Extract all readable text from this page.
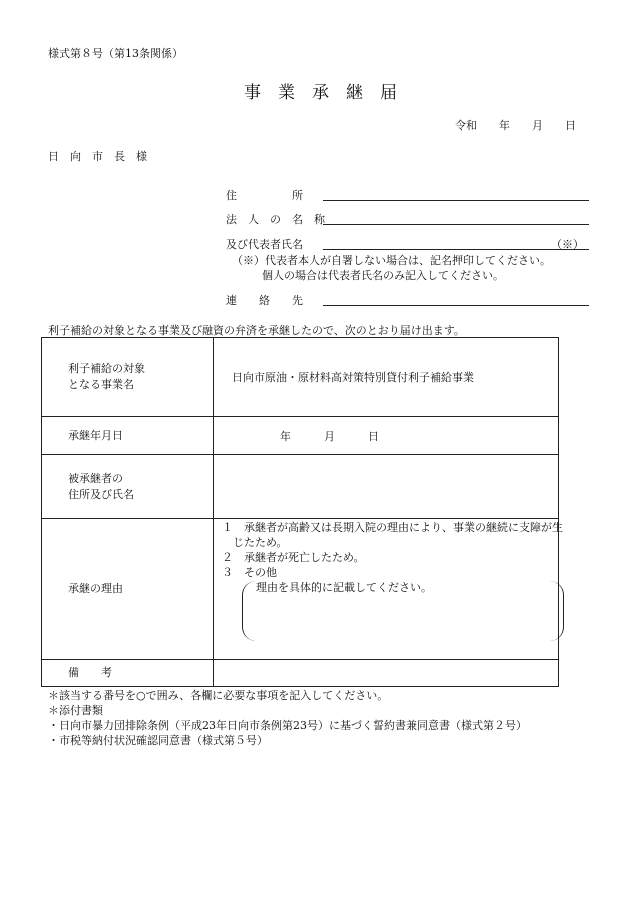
様式第８号（第13条関係）
事　業　承　継　届
令和　　年　　月　　日
日　向　市　長　様
住　　　　　所
法　人　の　名　称
及び代表者氏名	（※）
（※）代表者本人が自署しない場合は、記名押印してください。
個人の場合は代表者氏名のみ記入してください。
連　　絡　　先
利子補給の対象となる事業及び融資の弁済を承継したので、次のとおり届け出ます。
利子補給の対象
となる事業名	日向市原油・原材料高対策特別貸付利子補給事業
承継年月日	年　　　月　　　日

被承継者の
住所及び氏名	

承継の理由	１　承継者が高齢又は長期入院の理由により、事業の継続に支障が生
じたため。
２　承継者が死亡したため。
３　その他
理由を具体的に記載してください。

備　　考	
＊該当する番号を○で囲み、各欄に必要な事項を記入してください。
＊添付書類
・日向市暴力団排除条例（平成23年日向市条例第23号）に基づく誓約書兼同意書（様式第２号）
・市税等納付状況確認同意書（様式第５号）
